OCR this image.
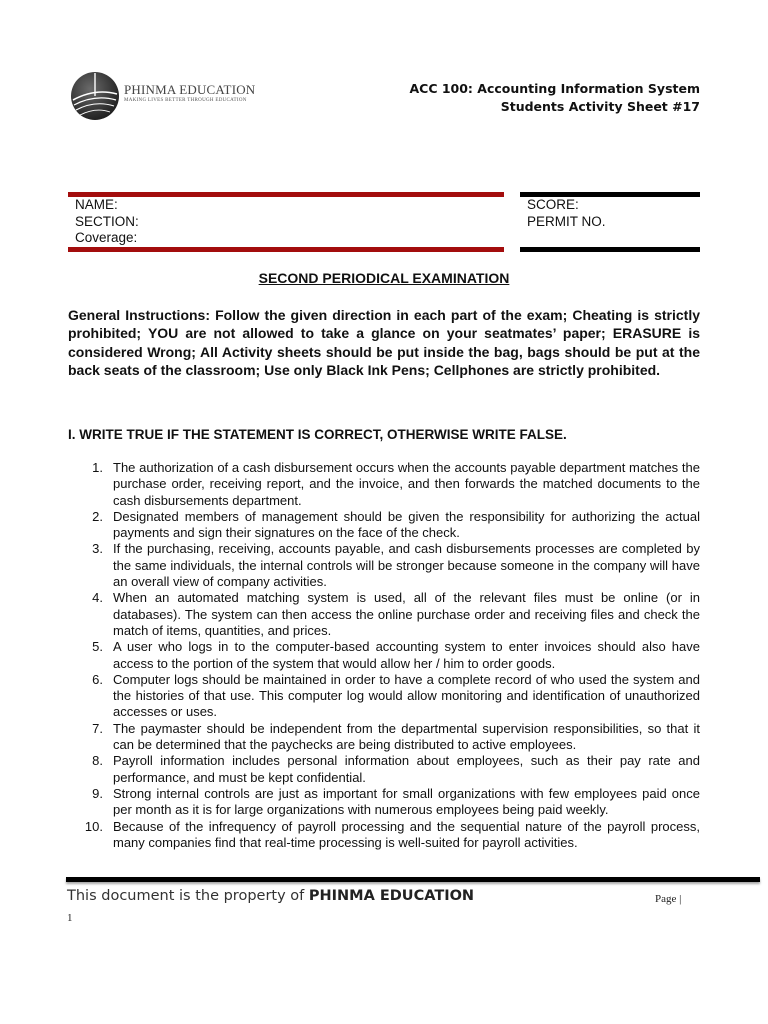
PHINMA EDUCATION
MAKING LIVES BETTER THROUGH EDUCATION
ACC 100: Accounting Information System
Students Activity Sheet #17
NAME:
SECTION:
Coverage:
SCORE:
PERMIT NO.
SECOND PERIODICAL EXAMINATION
General Instructions: Follow the given direction in each part of the exam; Cheating is strictly prohibited; YOU are not allowed to take a glance on your seatmates’ paper; ERASURE is considered Wrong; All Activity sheets should be put inside the bag, bags should be put at the back seats of the classroom; Use only Black Ink Pens; Cellphones are strictly prohibited.
I. WRITE TRUE IF THE STATEMENT IS CORRECT, OTHERWISE WRITE FALSE.
1. The authorization of a cash disbursement occurs when the accounts payable department matches the purchase order, receiving report, and the invoice, and then forwards the matched documents to the cash disbursements department.
2. Designated members of management should be given the responsibility for authorizing the actual payments and sign their signatures on the face of the check.
3. If the purchasing, receiving, accounts payable, and cash disbursements processes are completed by the same individuals, the internal controls will be stronger because someone in the company will have an overall view of company activities.
4. When an automated matching system is used, all of the relevant files must be online (or in databases). The system can then access the online purchase order and receiving files and check the match of items, quantities, and prices.
5. A user who logs in to the computer-based accounting system to enter invoices should also have access to the portion of the system that would allow her / him to order goods.
6. Computer logs should be maintained in order to have a complete record of who used the system and the histories of that use. This computer log would allow monitoring and identification of unauthorized accesses or uses.
7. The paymaster should be independent from the departmental supervision responsibilities, so that it can be determined that the paychecks are being distributed to active employees.
8. Payroll information includes personal information about employees, such as their pay rate and performance, and must be kept confidential.
9. Strong internal controls are just as important for small organizations with few employees paid once per month as it is for large organizations with numerous employees being paid weekly.
10. Because of the infrequency of payroll processing and the sequential nature of the payroll process, many companies find that real-time processing is well-suited for payroll activities.
This document is the property of PHINMA EDUCATION	Page |
1
